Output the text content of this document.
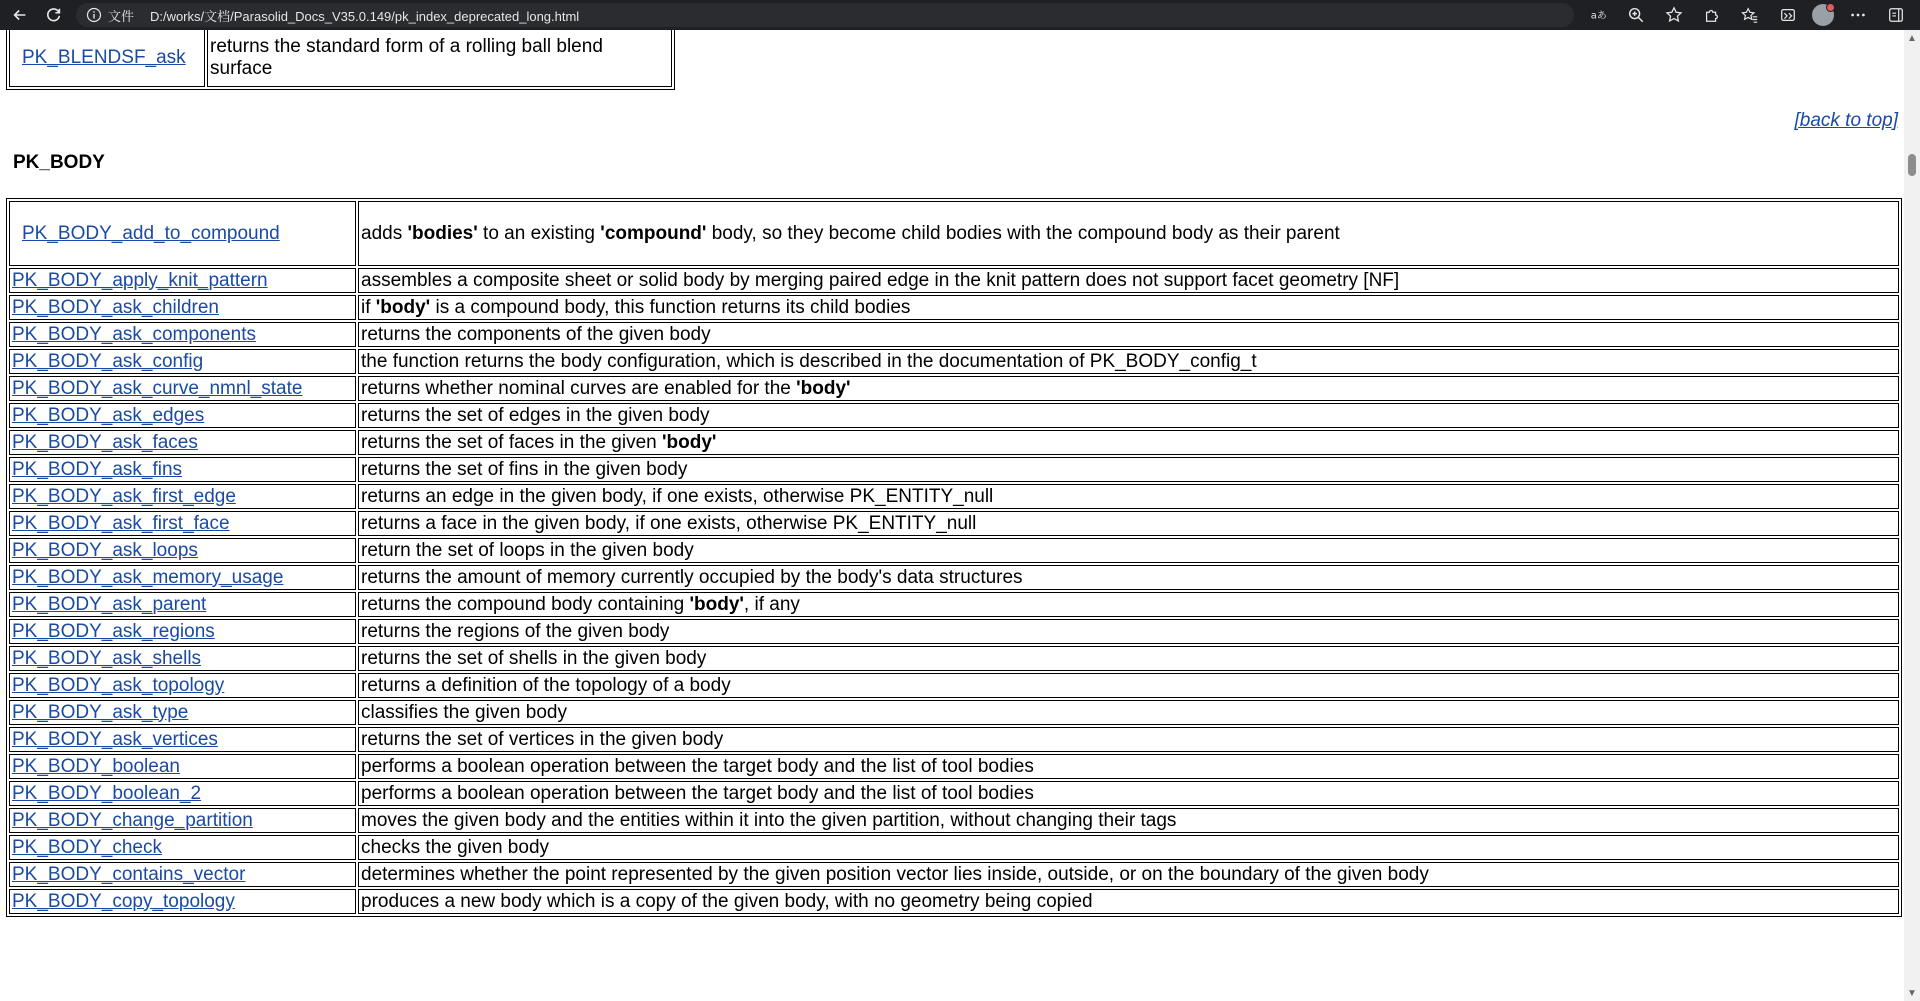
文件 D:/works/文档/Parasolid_Docs_V35.0.149/pk_index_deprecated_long.html	aあ
PK_BLENDSF_ask	returns the standard form of a rolling ball blend surface
[back to top]
PK_BODY
PK_BODY_add_to_compound	adds 'bodies' to an existing 'compound' body, so they become child bodies with the compound body as their parent
PK_BODY_apply_knit_pattern	assembles a composite sheet or solid body by merging paired edge in the knit pattern does not support facet geometry [NF]
PK_BODY_ask_children	if 'body' is a compound body, this function returns its child bodies
PK_BODY_ask_components	returns the components of the given body
PK_BODY_ask_config	the function returns the body configuration, which is described in the documentation of PK_BODY_config_t
PK_BODY_ask_curve_nmnl_state	returns whether nominal curves are enabled for the 'body'
PK_BODY_ask_edges	returns the set of edges in the given body
PK_BODY_ask_faces	returns the set of faces in the given 'body'
PK_BODY_ask_fins	returns the set of fins in the given body
PK_BODY_ask_first_edge	returns an edge in the given body, if one exists, otherwise PK_ENTITY_null
PK_BODY_ask_first_face	returns a face in the given body, if one exists, otherwise PK_ENTITY_null
PK_BODY_ask_loops	return the set of loops in the given body
PK_BODY_ask_memory_usage	returns the amount of memory currently occupied by the body's data structures
PK_BODY_ask_parent	returns the compound body containing 'body', if any
PK_BODY_ask_regions	returns the regions of the given body
PK_BODY_ask_shells	returns the set of shells in the given body
PK_BODY_ask_topology	returns a definition of the topology of a body
PK_BODY_ask_type	classifies the given body
PK_BODY_ask_vertices	returns the set of vertices in the given body
PK_BODY_boolean	performs a boolean operation between the target body and the list of tool bodies
PK_BODY_boolean_2	performs a boolean operation between the target body and the list of tool bodies
PK_BODY_change_partition	moves the given body and the entities within it into the given partition, without changing their tags
PK_BODY_check	checks the given body
PK_BODY_contains_vector	determines whether the point represented by the given position vector lies inside, outside, or on the boundary of the given body
PK_BODY_copy_topology	produces a new body which is a copy of the given body, with no geometry being copied
▲
▼
